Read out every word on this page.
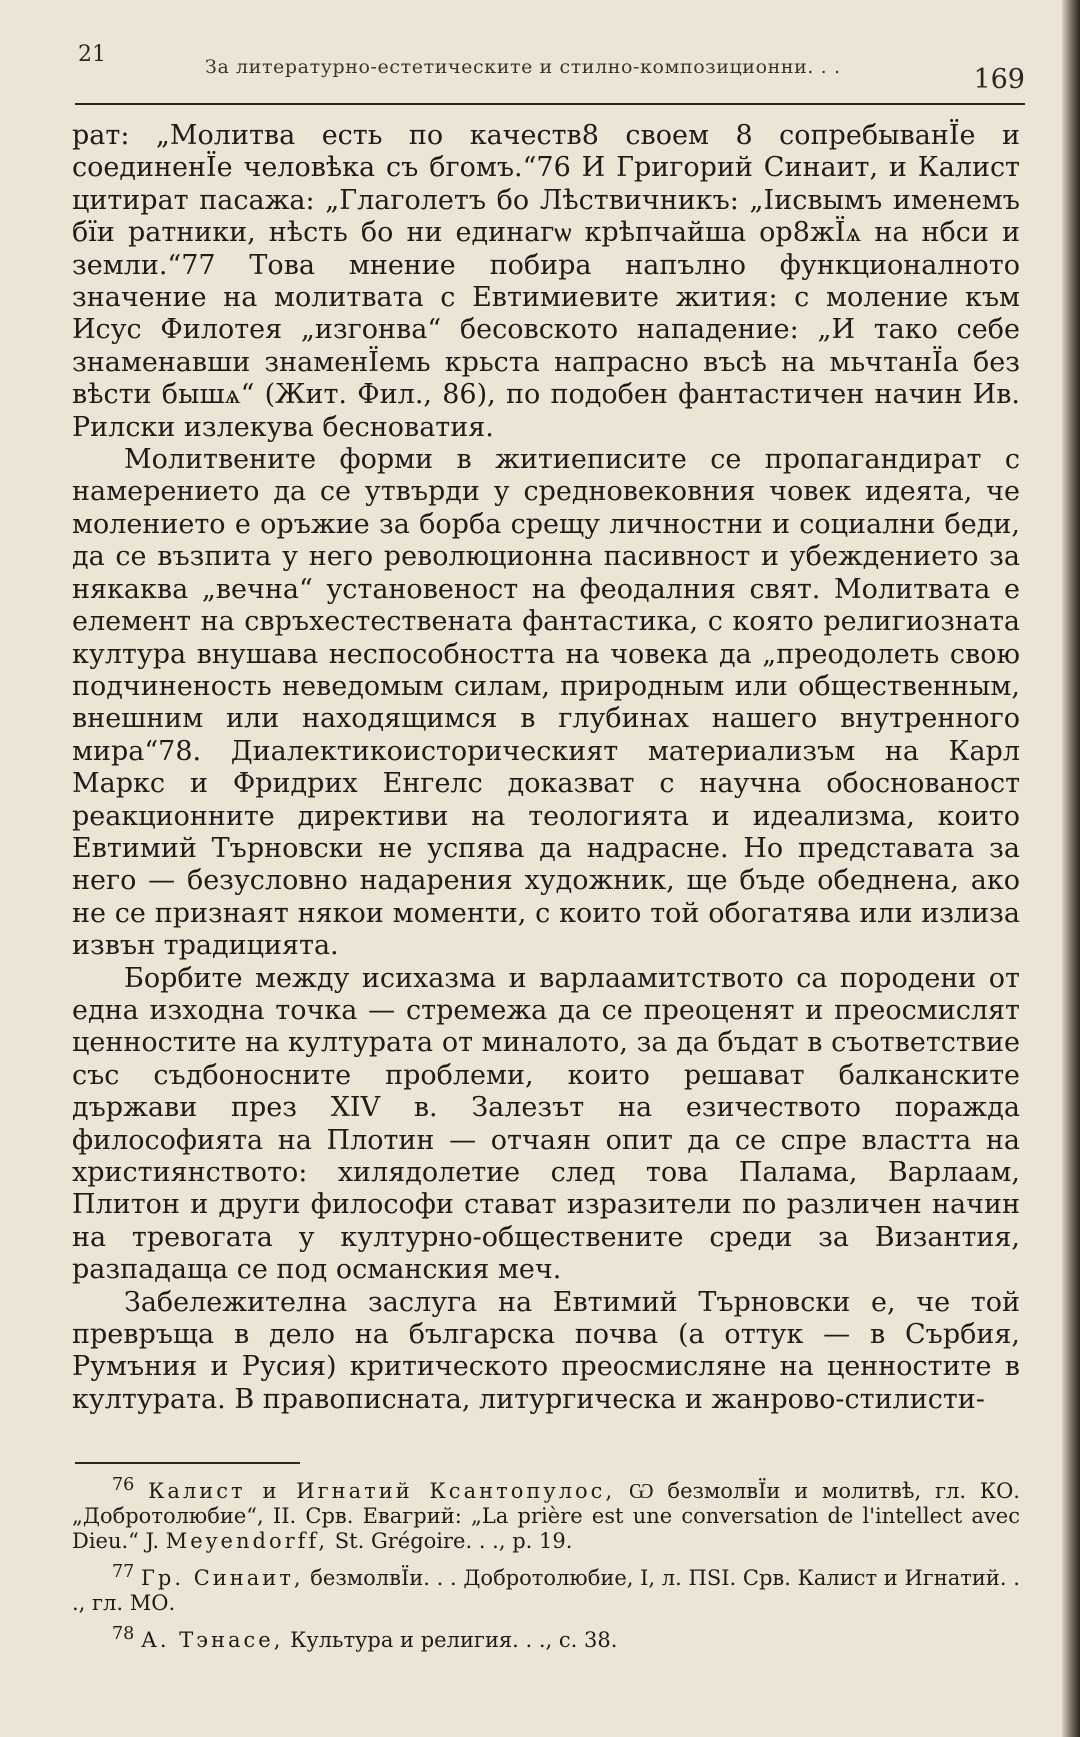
21	За литературно-естетическите и стилно-композиционни. . .	169

рат: „Молитва есть по качеств8 своем 8 сопребыванЇе и соединенЇе человѣка съ бгомъ.“76 И Григорий Синаит, и Калист цитират пасажа: „Глаголетъ бо Лѣствичникъ: „Iисвымъ именемъ бїи ратники, нѣсть бо ни единагѡ крѣпчайша ор8жЇѧ на нбси и земли.“77 Това мнение побира напълно функционалното значение на молитвата с Евтимиевите жития: с моление към Исус Филотея „изгонва“ бесовското нападение: „И тако себе знаменавши знаменЇемь крьста напрасно въсѣ на мьчтанЇа без вѣсти бышѧ“ (Жит. Фил., 86), по подобен фантастичен начин Ив. Рилски излекува бесноватия.

Молитвените форми в житиеписите се пропагандират с намерението да се утвърди у средновековния човек идеята, че молението е оръжие за борба срещу личностни и социални беди, да се възпита у него революционна пасивност и убеждението за някаква „вечна“ установеност на феодалния свят. Молитвата е елемент на свръхестествената фантастика, с която религиозната култура внушава неспособността на човека да „преодолеть свою подчиненость неведомым силам, природным или общественным, внешним или находящимся в глубинах нашего внутренного мира“78. Диалектикоисторическият материализъм на Карл Маркс и Фридрих Енгелс доказват с научна обоснованост реакционните директиви на теологията и идеализма, които Евтимий Търновски не успява да надрасне. Но представата за него — безусловно надарения художник, ще бъде обеднена, ако не се признаят някои моменти, с които той обогатява или излиза извън традицията.

Борбите между исихазма и варлаамитството са породени от една изходна точка — стремежа да се преоценят и преосмислят ценностите на културата от миналото, за да бъдат в съответствие със съдбоносните проблеми, които решават балканските държави през XIV в. Залезът на езичеството поражда философията на Плотин — отчаян опит да се спре властта на християнството: хилядолетие след това Палама, Варлаам, Плитон и други философи стават изразители по различен начин на тревогата у културно-обществените среди за Византия, разпадаща се под османския меч.

Забележителна заслуга на Евтимий Търновски е, че той превръща в дело на българска почва (а оттук — в Сърбия, Румъния и Русия) критическото преосмисляне на ценностите в културата. В правописната, литургическа и жанрово-стилисти-

$^{76}$ Калист и Игнатий Ксантопулос, Ѡ безмолвЇи и молитвѣ, гл. КО. „Добротолюбие“, II. Срв. Евагрий: „La prière est une conversation de l'intellect avec Dieu.“ J. Meyendorff, St. Grégoire. . ., p. 19.

$^{77}$ Гр. Синаит, безмолвЇи. . . Добротолюбие, I, л. ПSI. Срв. Калист и Игнатий. . ., гл. МО.

$^{78}$ А. Тэнасе, Культура и религия. . ., с. 38.
